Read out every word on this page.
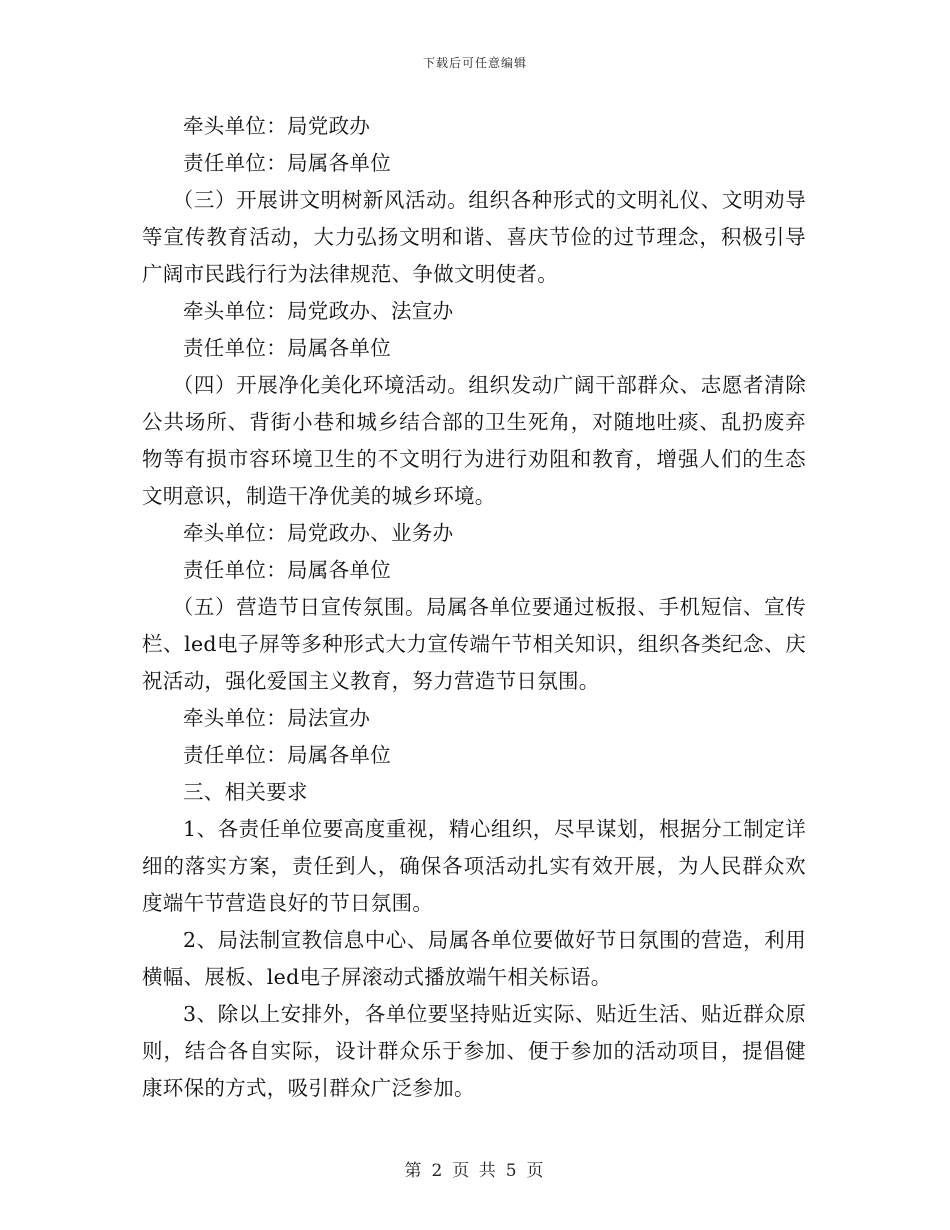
下载后可任意编辑

牵头单位：局党政办

责任单位：局属各单位

（三）开展讲文明树新风活动。组织各种形式的文明礼仪、文明劝导等宣传教育活动，大力弘扬文明和谐、喜庆节俭的过节理念，积极引导广阔市民践行行为法律规范、争做文明使者。

牵头单位：局党政办、法宣办

责任单位：局属各单位

（四）开展净化美化环境活动。组织发动广阔干部群众、志愿者清除公共场所、背街小巷和城乡结合部的卫生死角，对随地吐痰、乱扔废弃物等有损市容环境卫生的不文明行为进行劝阻和教育，增强人们的生态文明意识，制造干净优美的城乡环境。

牵头单位：局党政办、业务办

责任单位：局属各单位

（五）营造节日宣传氛围。局属各单位要通过板报、手机短信、宣传栏、led电子屏等多种形式大力宣传端午节相关知识，组织各类纪念、庆祝活动，强化爱国主义教育，努力营造节日氛围。

牵头单位：局法宣办

责任单位：局属各单位

三、相关要求

1、各责任单位要高度重视，精心组织，尽早谋划，根据分工制定详细的落实方案，责任到人，确保各项活动扎实有效开展，为人民群众欢度端午节营造良好的节日氛围。

2、局法制宣教信息中心、局属各单位要做好节日氛围的营造，利用横幅、展板、led电子屏滚动式播放端午相关标语。

3、除以上安排外，各单位要坚持贴近实际、贴近生活、贴近群众原则，结合各自实际，设计群众乐于参加、便于参加的活动项目，提倡健康环保的方式，吸引群众广泛参加。

第 2 页 共 5 页
